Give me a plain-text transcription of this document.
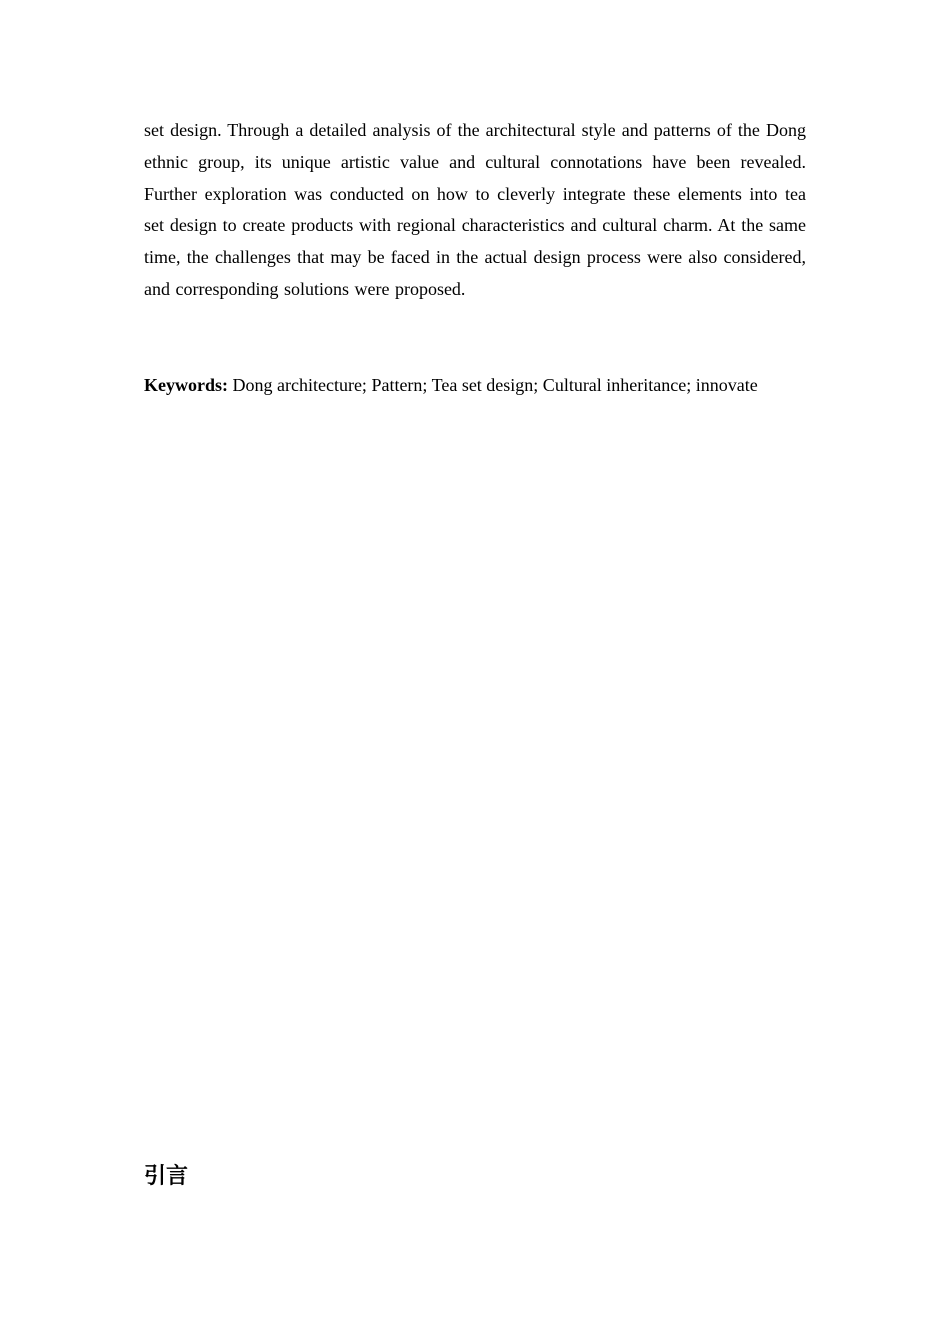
set design. Through a detailed analysis of the architectural style and patterns of the Dong ethnic group, its unique artistic value and cultural connotations have been revealed. Further exploration was conducted on how to cleverly integrate these elements into tea set design to create products with regional characteristics and cultural charm. At the same time, the challenges that may be faced in the actual design process were also considered, and corresponding solutions were proposed.

Keywords: Dong architecture; Pattern; Tea set design; Cultural inheritance; innovate

引言
